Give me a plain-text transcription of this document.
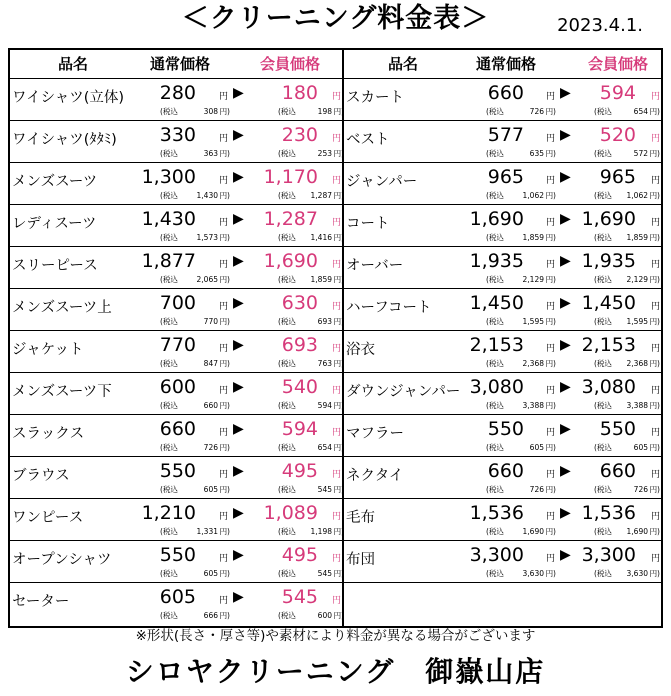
＜クリーニング料金表＞	2023.4.1.
品名	通常価格	会員価格	品名	通常価格	会員価格
ワイシャツ(立体)	280	円 ▶	180 円
(税込	308 円)	(税込	198 円)
ワイシャツ(ﾀﾀﾐ)	330	円 ▶	230 円
(税込	363 円)	(税込	253 円)
メンズスーツ	1,300	円 ▶	1,170 円
(税込 1,430 円)	(税込 1,287 円)
レディスーツ	1,430	円 ▶	1,287 円
(税込 1,573 円)	(税込 1,416 円)
スリーピース	1,877	円 ▶	1,690 円
(税込 2,065 円)	(税込 1,859 円)
メンズスーツ上	700	円 ▶	630 円
(税込	770 円)	(税込	693 円)
ジャケット	770	円 ▶	693 円
(税込	847 円)	(税込	763 円)
メンズスーツ下	600	円 ▶	540 円
(税込	660 円)	(税込	594 円)
スラックス	660	円 ▶	594 円
(税込	726 円)	(税込	654 円)
ブラウス	550	円 ▶	495 円
(税込	605 円)	(税込	545 円)
ワンピース	1,210	円 ▶	1,089 円
(税込 1,331 円)	(税込 1,198 円)
オープンシャツ	550	円 ▶	495 円
(税込	605 円)	(税込	545 円)
セーター	605	円 ▶	545 円
(税込	666 円)	(税込	600 円)
スカート	660 円 ▶	594 円
(税込	726 円)	(税込	654 円)
ベスト	577 円 ▶	520 円
(税込	635 円)	(税込	572 円)
ジャンパー	965 円 ▶	965 円
(税込 1,062 円)	(税込 1,062 円)
コート	1,690 円 ▶ 1,690 円
(税込 1,859 円)	(税込 1,859 円)
オーバー	1,935 円 ▶ 1,935 円
(税込 2,129 円)	(税込 2,129 円)
ハーフコート	1,450 円 ▶ 1,450 円
(税込 1,595 円)	(税込 1,595 円)
浴衣	2,153 円 ▶ 2,153 円
(税込 2,368 円)	(税込 2,368 円)
ダウンジャンパー 3,080 円 ▶ 3,080 円
(税込 3,388 円)	(税込 3,388 円)
マフラー	550 円 ▶	550 円
(税込	605 円)	(税込	605 円)
ネクタイ	660 円 ▶	660 円
(税込	726 円)	(税込	726 円)
毛布	1,536 円 ▶ 1,536 円
(税込 1,690 円)	(税込 1,690 円)
布団	3,300 円 ▶ 3,300 円
(税込 3,630 円)	(税込 3,630 円)
※形状(長さ・厚さ等)や素材により料金が異なる場合がございます
シロヤクリーニング　御嶽山店
